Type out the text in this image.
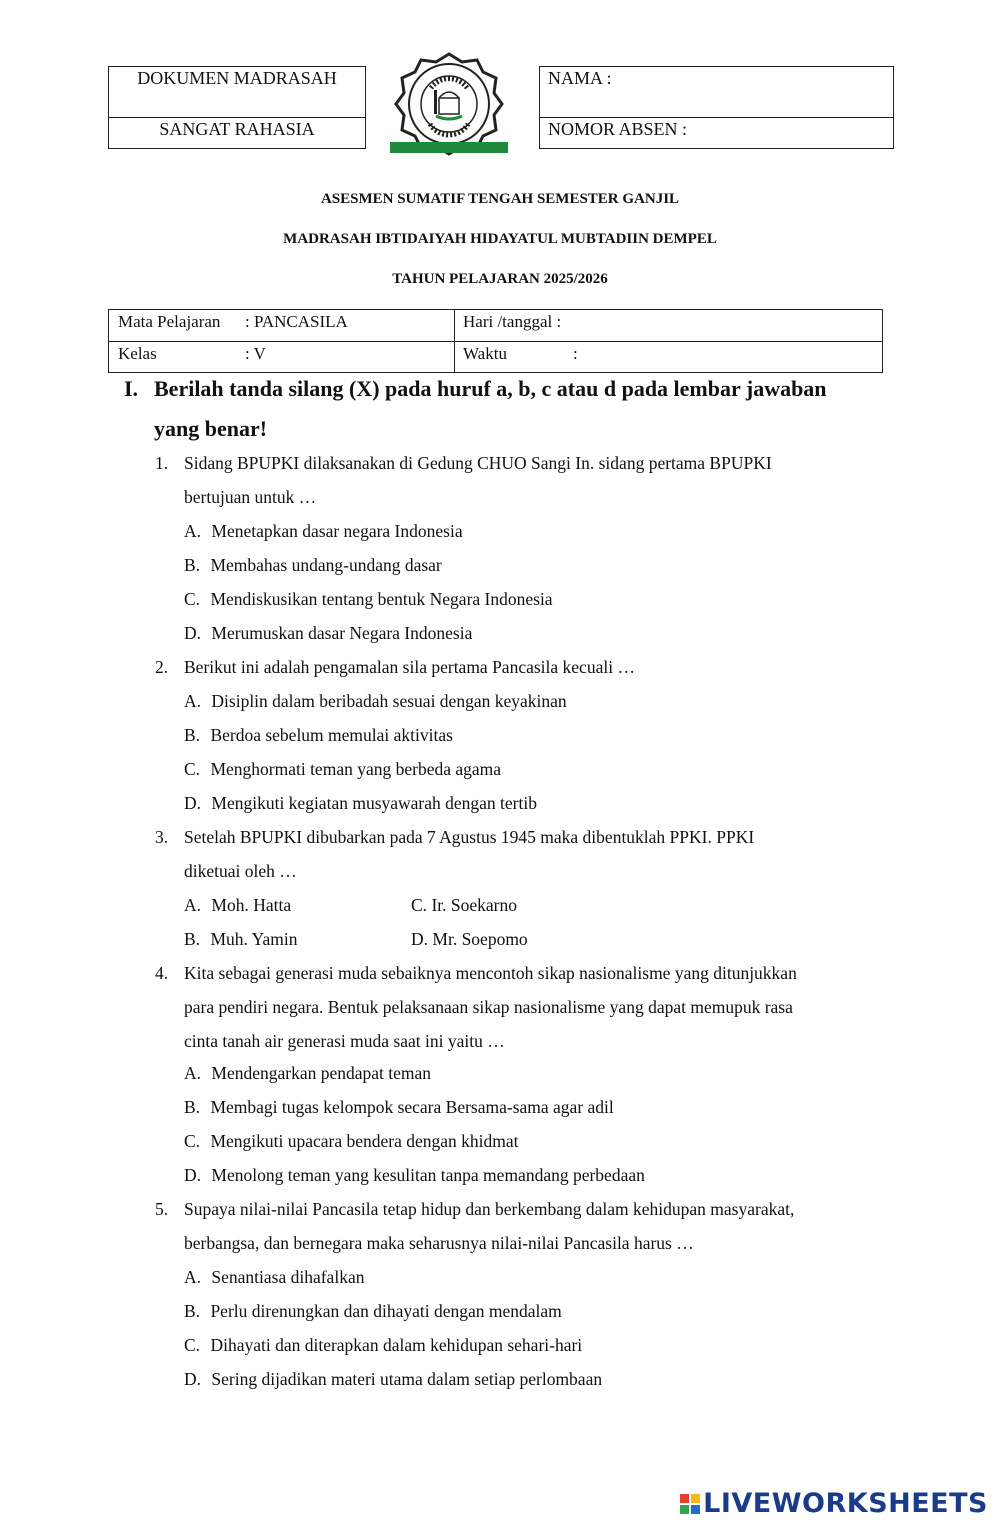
DOKUMEN MADRASAH
SANGAT RAHASIA
NAMA :
NOMOR ABSEN :
ASESMEN SUMATIF TENGAH SEMESTER GANJIL
MADRASAH IBTIDAIYAH HIDAYATUL MUBTADIIN DEMPEL
TAHUN PELAJARAN 2025/2026
Mata Pelajaran : PANCASILA	Hari /tanggal :
Kelas	: V	Waktu	:
I. Berilah tanda silang (X) pada huruf a, b, c atau d pada lembar jawaban
yang benar!
1. Sidang BPUPKI dilaksanakan di Gedung CHUO Sangi In. sidang pertama BPUPKI
bertujuan untuk …
A. Menetapkan dasar negara Indonesia
B. Membahas undang-undang dasar
C. Mendiskusikan tentang bentuk Negara Indonesia
D. Merumuskan dasar Negara Indonesia
2. Berikut ini adalah pengamalan sila pertama Pancasila kecuali …
A. Disiplin dalam beribadah sesuai dengan keyakinan
B. Berdoa sebelum memulai aktivitas
C. Menghormati teman yang berbeda agama
D. Mengikuti kegiatan musyawarah dengan tertib
3. Setelah BPUPKI dibubarkan pada 7 Agustus 1945 maka dibentuklah PPKI. PPKI
diketuai oleh …
A. Moh. Hatta	C. Ir. Soekarno
B. Muh. Yamin	D. Mr. Soepomo
4. Kita sebagai generasi muda sebaiknya mencontoh sikap nasionalisme yang ditunjukkan
para pendiri negara. Bentuk pelaksanaan sikap nasionalisme yang dapat memupuk rasa
cinta tanah air generasi muda saat ini yaitu …
A. Mendengarkan pendapat teman
B. Membagi tugas kelompok secara Bersama-sama agar adil
C. Mengikuti upacara bendera dengan khidmat
D. Menolong teman yang kesulitan tanpa memandang perbedaan
5. Supaya nilai-nilai Pancasila tetap hidup dan berkembang dalam kehidupan masyarakat,
berbangsa, dan bernegara maka seharusnya nilai-nilai Pancasila harus …
A. Senantiasa dihafalkan
B. Perlu direnungkan dan dihayati dengan mendalam
C. Dihayati dan diterapkan dalam kehidupan sehari-hari
D. Sering dijadikan materi utama dalam setiap perlombaan
LIVEWORKSHEETS
